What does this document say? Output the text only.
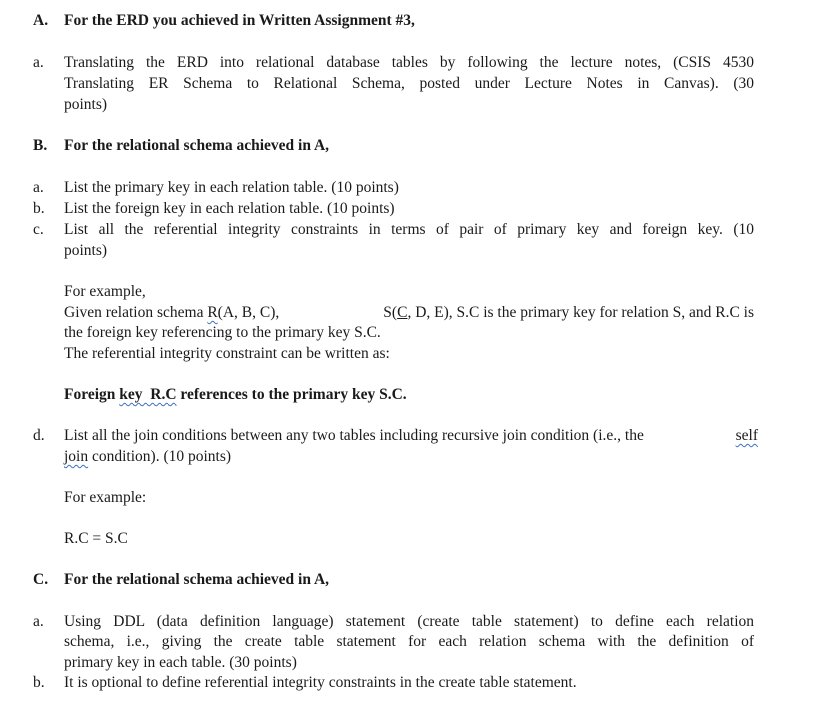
A. For the ERD you achieved in Written Assignment #3,
a. Translating the ERD into relational database tables by following the lecture notes, (CSIS 4530
Translating ER Schema to Relational Schema, posted under Lecture Notes in Canvas). (30
points)
B. For the relational schema achieved in A,
a. List the primary key in each relation table. (10 points)
b. List the foreign key in each relation table. (10 points)
c. List all the referential integrity constraints in terms of pair of primary key and foreign key. (10
points)
For example,
Given relation schema R(A, B, C),	S(C, D, E), S.C is the primary key for relation S, and R.C is
the foreign key referencing to the primary key S.C.
The referential integrity constraint can be written as:
Foreign key  R.C references to the primary key S.C.
d. List all the join conditions between any two tables including recursive join condition (i.e., the	self
join condition). (10 points)
For example:
R.C = S.C
C. For the relational schema achieved in A,
a. Using DDL (data definition language) statement (create table statement) to define each relation
schema, i.e., giving the create table statement for each relation schema with the definition of
primary key in each table. (30 points)
b. It is optional to define referential integrity constraints in the create table statement.
